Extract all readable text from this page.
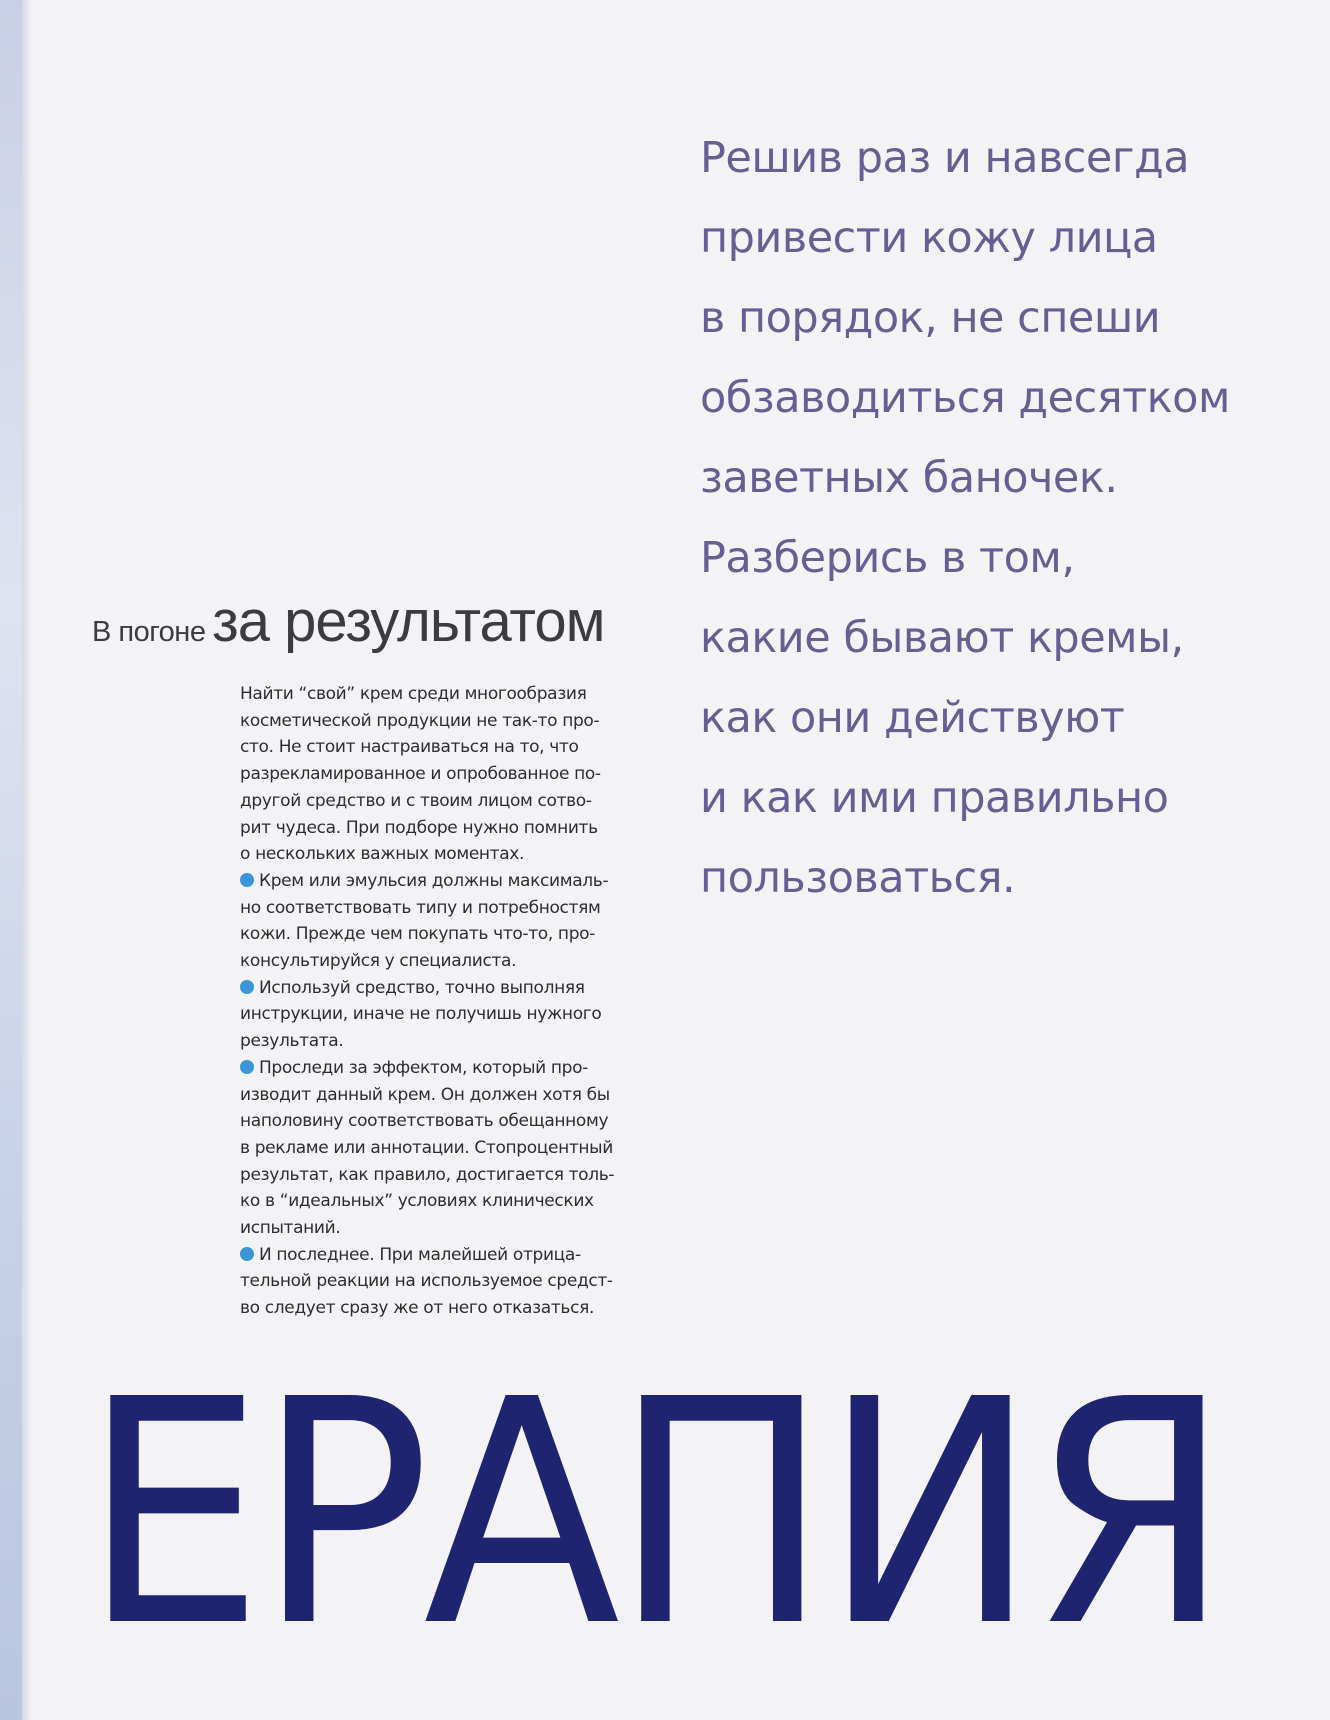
Решив раз и навсегда
привести кожу лица
в порядок, не спеши
обзаводиться десятком
заветных баночек.
Разберись в том,
какие бывают кремы,
как они действуют
и как ими правильно
пользоваться.

В погоне за результатом
Найти “свой” крем среди многообразия
косметической продукции не так-то про-
сто. Не стоит настраиваться на то, что
разрекламированное и опробованное по-
другой средство и с твоим лицом сотво-
рит чудеса. При подборе нужно помнить
о нескольких важных моментах.
Крем или эмульсия должны максималь-
но соответствовать типу и потребностям
кожи. Прежде чем покупать что-то, про-
консультируйся у специалиста.
Используй средство, точно выполняя
инструкции, иначе не получишь нужного
результата.
Проследи за эффектом, который про-
изводит данный крем. Он должен хотя бы
наполовину соответствовать обещанному
в рекламе или аннотации. Стопроцентный
результат, как правило, достигается толь-
ко в “идеальных” условиях клинических
испытаний.
И последнее. При малейшей отрица-
тельной реакции на используемое средст-
во следует сразу же от него отказаться.
ЕРАПИЯ
